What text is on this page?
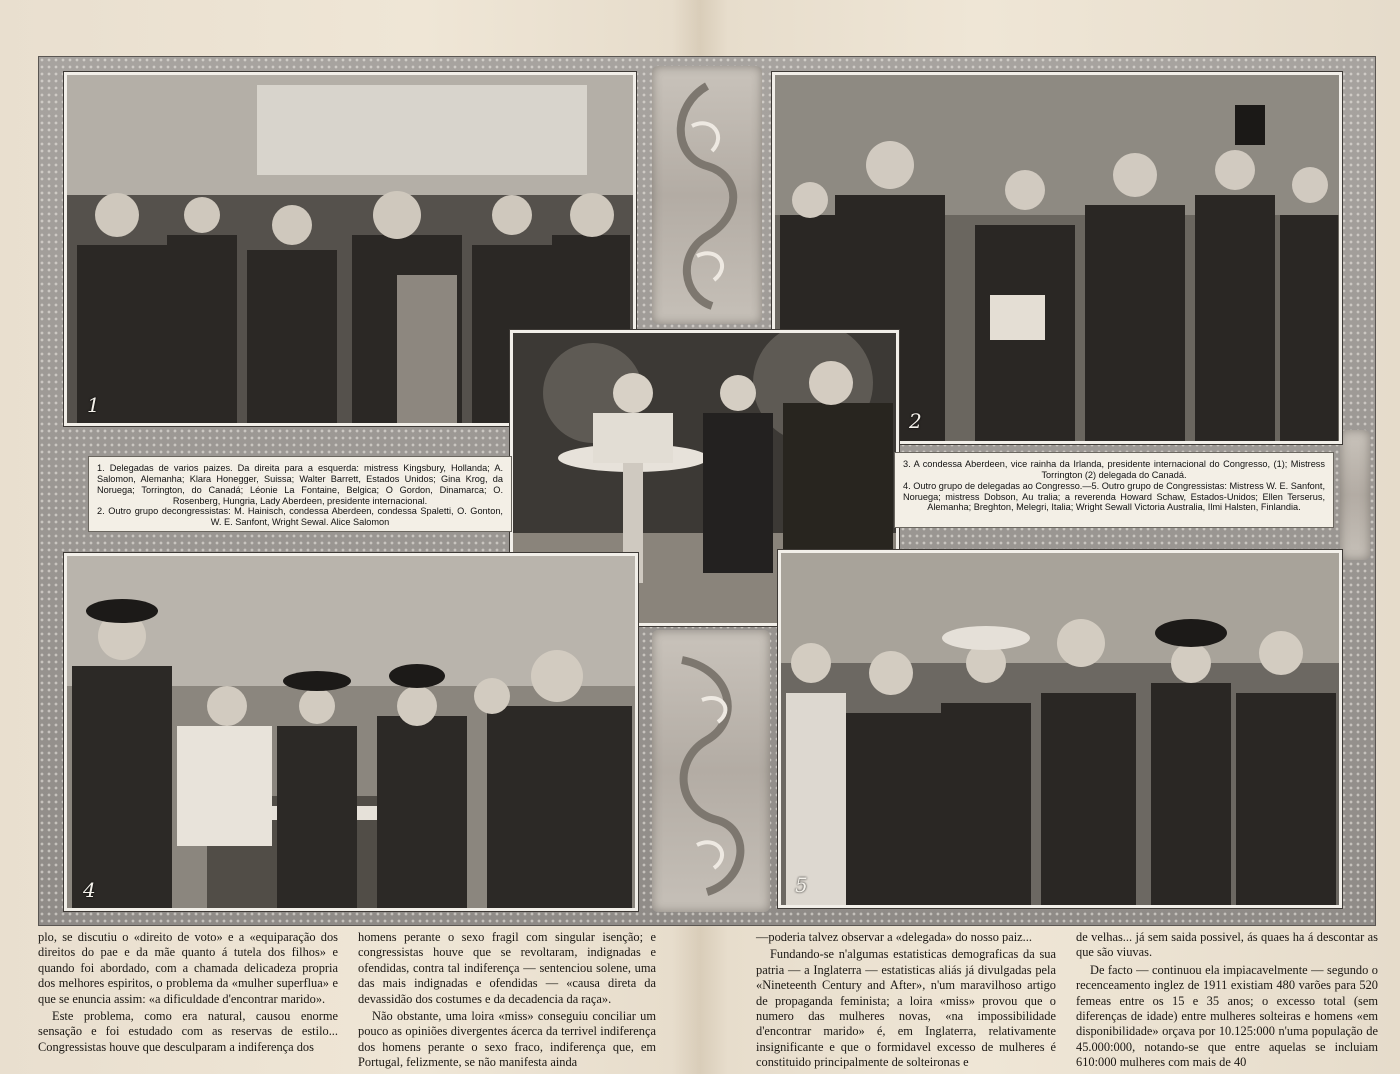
1
2
4	5

1. Delegadas de varios paizes. Da direita para a esquerda: mistress Kingsbury, Hollanda; A. Salomon, Alemanha; Klara Honegger, Suissa; Walter Barrett, Estados Unidos; Gina Krog, da Noruega; Torrington, do Canadá; Léonie La Fontaine, Belgica; O Gordon, Dinamarca; O. Rosenberg, Hungria, Lady Aberdeen, presidente internacional.

2. Outro grupo decongressistas: M. Hainisch, condessa Aberdeen, condessa Spaletti, O. Gonton, W. E. Sanfont, Wright Sewal. Alice Salomon

3. A condessa Aberdeen, vice rainha da Irlanda, presidente internacional do Congresso, (1); Mistress Torrington (2) delegada do Canadá.

4. Outro grupo de delegadas ao Congresso.—5. Outro grupo de Congressistas: Mistress W. E. Sanfont, Noruega; mistress Dobson, Au tralia; a reverenda Howard Schaw, Estados-Unidos; Ellen Terserus, Alemanha; Breghton, Melegri, Italia; Wright Sewall Victoria Australia, Ilmi Halsten, Finlandia.

plo, se discutiu o «direito de voto» e a «equiparação dos direitos do pae e da mãe quanto á tutela dos filhos» e quando foi abordado, com a chamada delicadeza propria dos melhores espiritos, o problema da «mulher superflua» e que se enuncia assim: «a dificuldade d'encontrar marido».

Este problema, como era natural, causou enorme sensação e foi estudado com as reservas de estilo... Congressistas houve que desculparam a indiferença dos

homens perante o sexo fragil com singular isenção; e congressistas houve que se revoltaram, indignadas e ofendidas, contra tal indiferença — sentenciou solene, uma das mais indignadas e ofendidas — «causa direta da devassidão dos costumes e da decadencia da raça».

Não obstante, uma loira «miss» conseguiu conciliar um pouco as opiniões divergentes ácerca da terrivel indiferença dos homens perante o sexo fraco, indiferença que, em Portugal, felizmente, se não manifesta ainda

—poderia talvez observar a «delegada» do nosso paiz...

Fundando-se n'algumas estatisticas demograficas da sua patria — a Inglaterra — estatisticas aliás já divulgadas pela «Nineteenth Century and After», n'um maravilhoso artigo de propaganda feminista; a loira «miss» provou que o numero das mulheres novas, «na impossibilidade d'encontrar marido» é, em Inglaterra, relativamente insignificante e que o formidavel excesso de mulheres é constituido principalmente de solteironas e

de velhas... já sem saida possivel, ás quaes ha á descontar as que são viuvas.

De facto — continuou ela impiacavelmente — segundo o recenceamento inglez de 1911 existiam 480 varões para 520 femeas entre os 15 e 35 anos; o excesso total (sem diferenças de idade) entre mulheres solteiras e homens «em disponibilidade» orçava por 10.125:000 n'uma população de 45.000:000, notando-se que entre aquelas se incluiam 610:000 mulheres com mais de 40
